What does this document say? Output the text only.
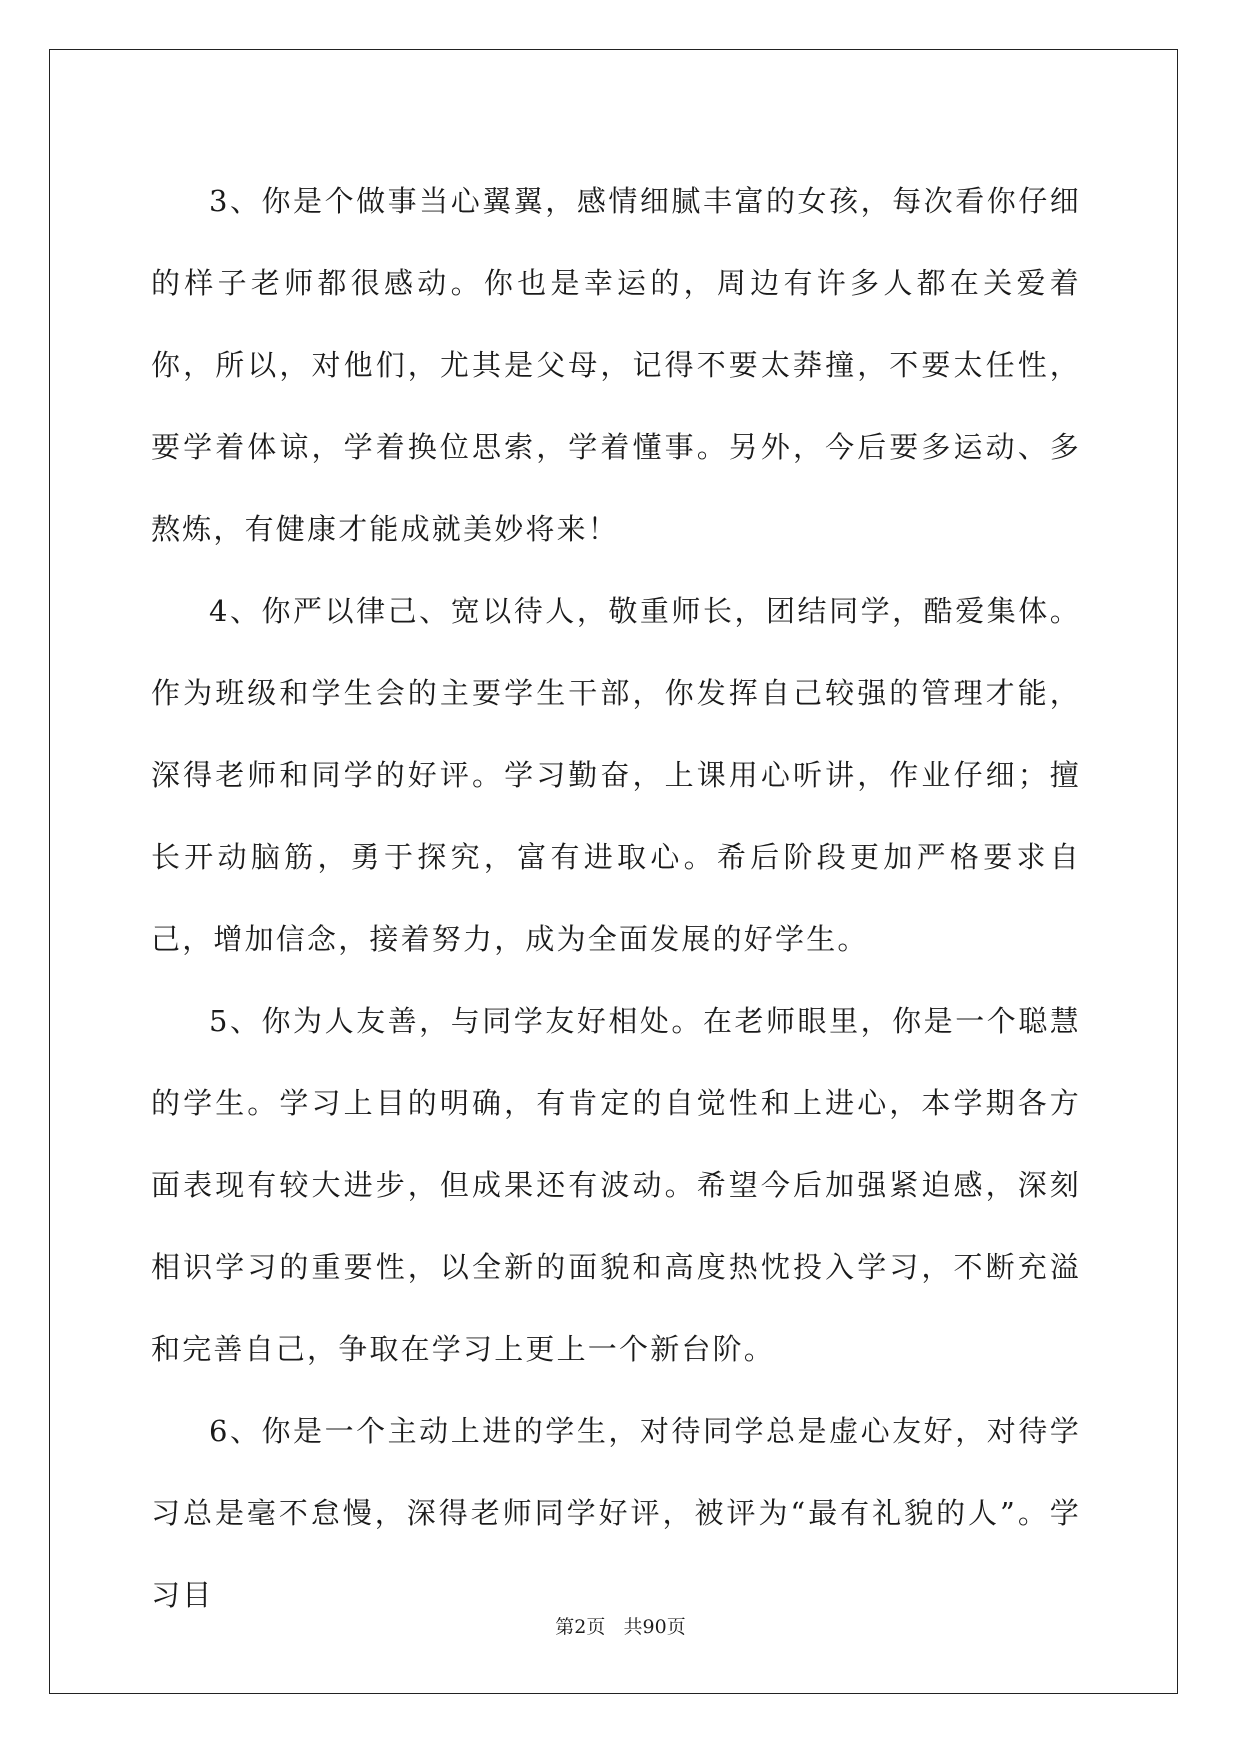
3、你是个做事当心翼翼，感情细腻丰富的女孩，每次看你仔细的样子老师都很感动。你也是幸运的，周边有许多人都在关爱着你，所以，对他们，尤其是父母，记得不要太莽撞，不要太任性，要学着体谅，学着换位思索，学着懂事。另外，今后要多运动、多熬炼，有健康才能成就美妙将来！

4、你严以律己、宽以待人，敬重师长，团结同学，酷爱集体。作为班级和学生会的主要学生干部，你发挥自己较强的管理才能，深得老师和同学的好评。学习勤奋，上课用心听讲，作业仔细；擅长开动脑筋，勇于探究，富有进取心。希后阶段更加严格要求自己，增加信念，接着努力，成为全面发展的好学生。

5、你为人友善，与同学友好相处。在老师眼里，你是一个聪慧的学生。学习上目的明确，有肯定的自觉性和上进心，本学期各方面表现有较大进步，但成果还有波动。希望今后加强紧迫感，深刻相识学习的重要性，以全新的面貌和高度热忱投入学习，不断充溢和完善自己，争取在学习上更上一个新台阶。

6、你是一个主动上进的学生，对待同学总是虚心友好，对待学习总是毫不怠慢，深得老师同学好评，被评为“最有礼貌的人”。学习目

第2页 共90页
